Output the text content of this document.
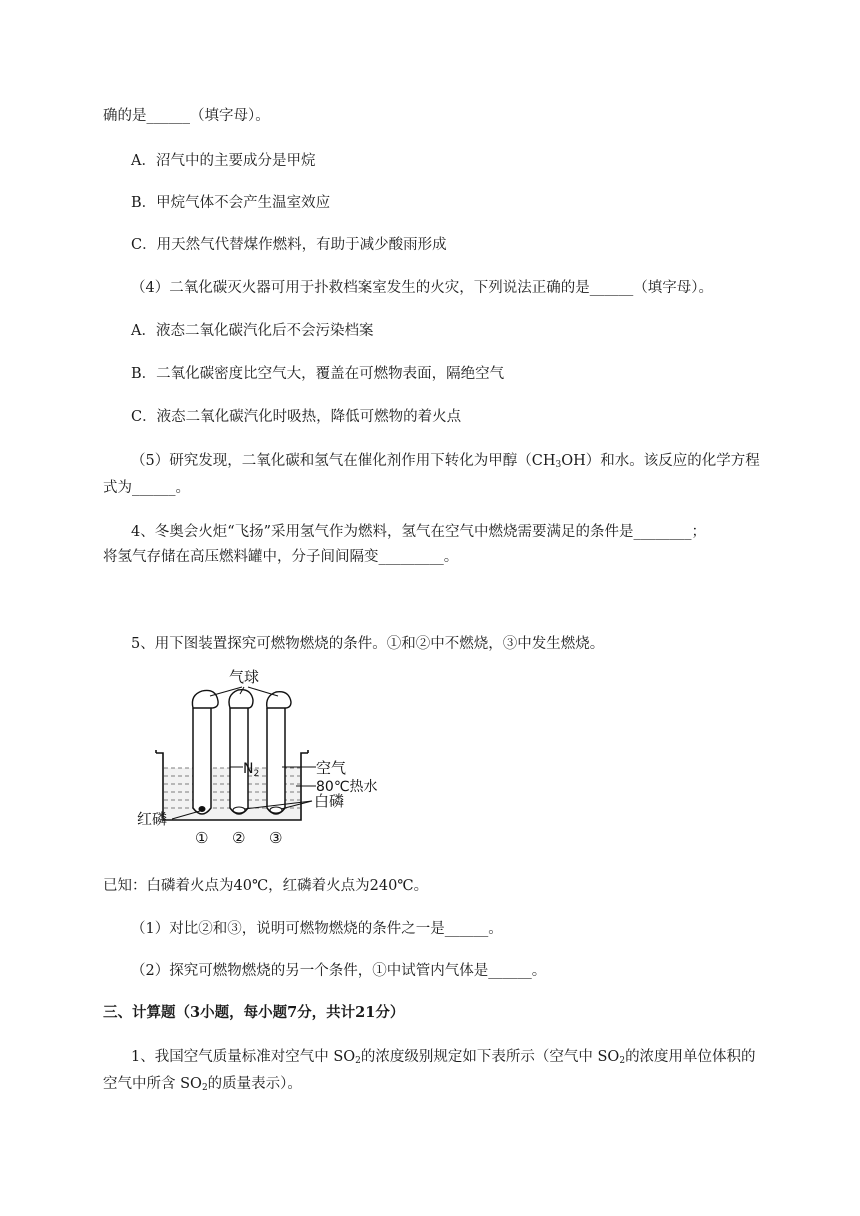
确的是______（填字母）。
A．沼气中的主要成分是甲烷
B．甲烷气体不会产生温室效应
C．用天然气代替煤作燃料，有助于减少酸雨形成
（4）二氧化碳灭火器可用于扑救档案室发生的火灾，下列说法正确的是______（填字母）。
A．液态二氧化碳汽化后不会污染档案
B．二氧化碳密度比空气大，覆盖在可燃物表面，隔绝空气
C．液态二氧化碳汽化时吸热，降低可燃物的着火点
（5）研究发现，二氧化碳和氢气在催化剂作用下转化为甲醇$(CH_3OH)$和水。该反应的化学方程
式为______。
4、冬奥会火炬“飞扬”采用氢气作为燃料，氢气在空气中燃烧需要满足的条件是________；
将氢气存储在高压燃料罐中，分子间间隔变_________。
5、用下图装置探究可燃物燃烧的条件。①和②中不燃烧，③中发生燃烧。
气球
$N_2$	空气
80℃热水
白磷
红磷
① ② ③
已知：白磷着火点为40℃，红磷着火点为240℃。
（1）对比②和③，说明可燃物燃烧的条件之一是______。
（2）探究可燃物燃烧的另一个条件，①中试管内气体是______。
三、计算题（3小题，每小题7分，共计21分）
1、我国空气质量标准对空气中 $SO_2$的浓度级别规定如下表所示（空气中 $SO_2$的浓度用单位体积的
空气中所含 $SO_2$的质量表示）。
